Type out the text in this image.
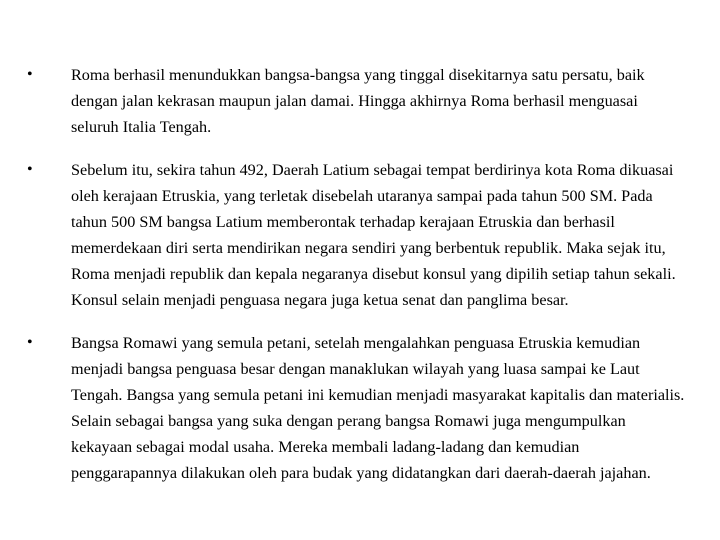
•	Roma berhasil menundukkan bangsa-bangsa yang tinggal disekitarnya satu persatu, baik dengan jalan kekrasan maupun jalan damai. Hingga akhirnya Roma berhasil menguasai seluruh Italia Tengah.
•	Sebelum itu, sekira tahun 492, Daerah Latium sebagai tempat berdirinya kota Roma dikuasai oleh kerajaan Etruskia, yang terletak disebelah utaranya sampai pada tahun 500 SM. Pada tahun 500 SM bangsa Latium memberontak terhadap kerajaan Etruskia dan berhasil memerdekaan diri serta mendirikan negara sendiri yang berbentuk republik. Maka sejak itu, Roma menjadi republik dan kepala negaranya disebut konsul yang dipilih setiap tahun sekali. Konsul selain menjadi penguasa negara juga ketua senat dan panglima besar.
•	Bangsa Romawi yang semula petani, setelah mengalahkan penguasa Etruskia kemudian menjadi bangsa penguasa besar dengan manaklukan wilayah yang luasa sampai ke Laut Tengah. Bangsa yang semula petani ini kemudian menjadi masyarakat kapitalis dan materialis. Selain sebagai bangsa yang suka dengan perang bangsa Romawi juga mengumpulkan kekayaan sebagai modal usaha. Mereka membali ladang-ladang dan kemudian penggarapannya dilakukan oleh para budak yang didatangkan dari daerah-daerah jajahan.
